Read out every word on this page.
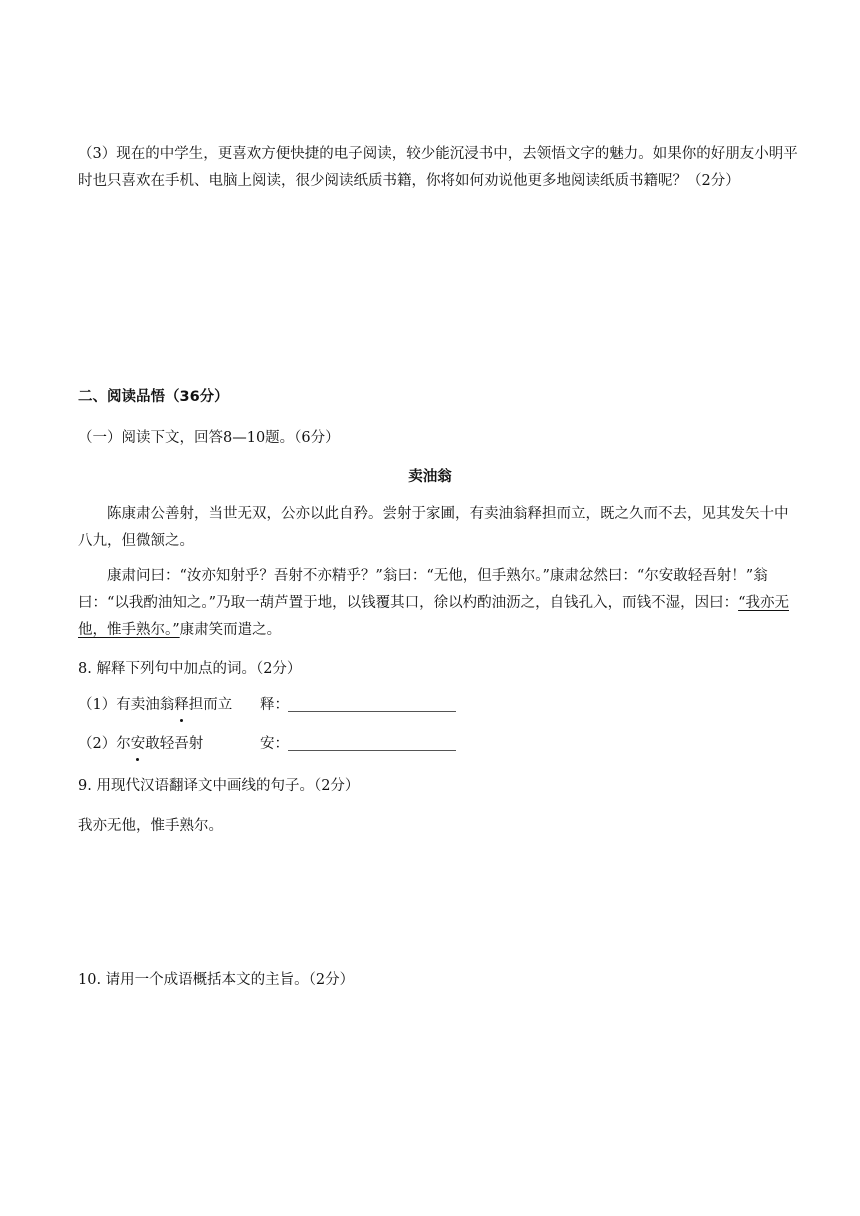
（3）现在的中学生，更喜欢方便快捷的电子阅读，较少能沉浸书中，去领悟文字的魅力。如果你的好朋友小明平时也只喜欢在手机、电脑上阅读，很少阅读纸质书籍，你将如何劝说他更多地阅读纸质书籍呢？（2分）

二、阅读品悟（36分）

（一）阅读下文，回答8—10题。（6分）

卖油翁

陈康肃公善射，当世无双，公亦以此自矜。尝射于家圃，有卖油翁释担而立，既之久而不去，见其发矢十中八九，但微颔之。

康肃问曰：“汝亦知射乎？吾射不亦精乎？”翁曰：“无他，但手熟尔。”康肃忿然曰：“尔安敢轻吾射！”翁曰：“以我酌油知之。”乃取一葫芦置于地，以钱覆其口，徐以杓酌油沥之，自钱孔入，而钱不湿，因曰：“我亦无他，惟手熟尔。”康肃笑而遣之。

8. 解释下列句中加点的词。（2分）

（1）有卖油翁释担而立 释：
（2）尔安敢轻吾射	安：

9. 用现代汉语翻译文中画线的句子。（2分）

我亦无他，惟手熟尔。

10. 请用一个成语概括本文的主旨。（2分）
